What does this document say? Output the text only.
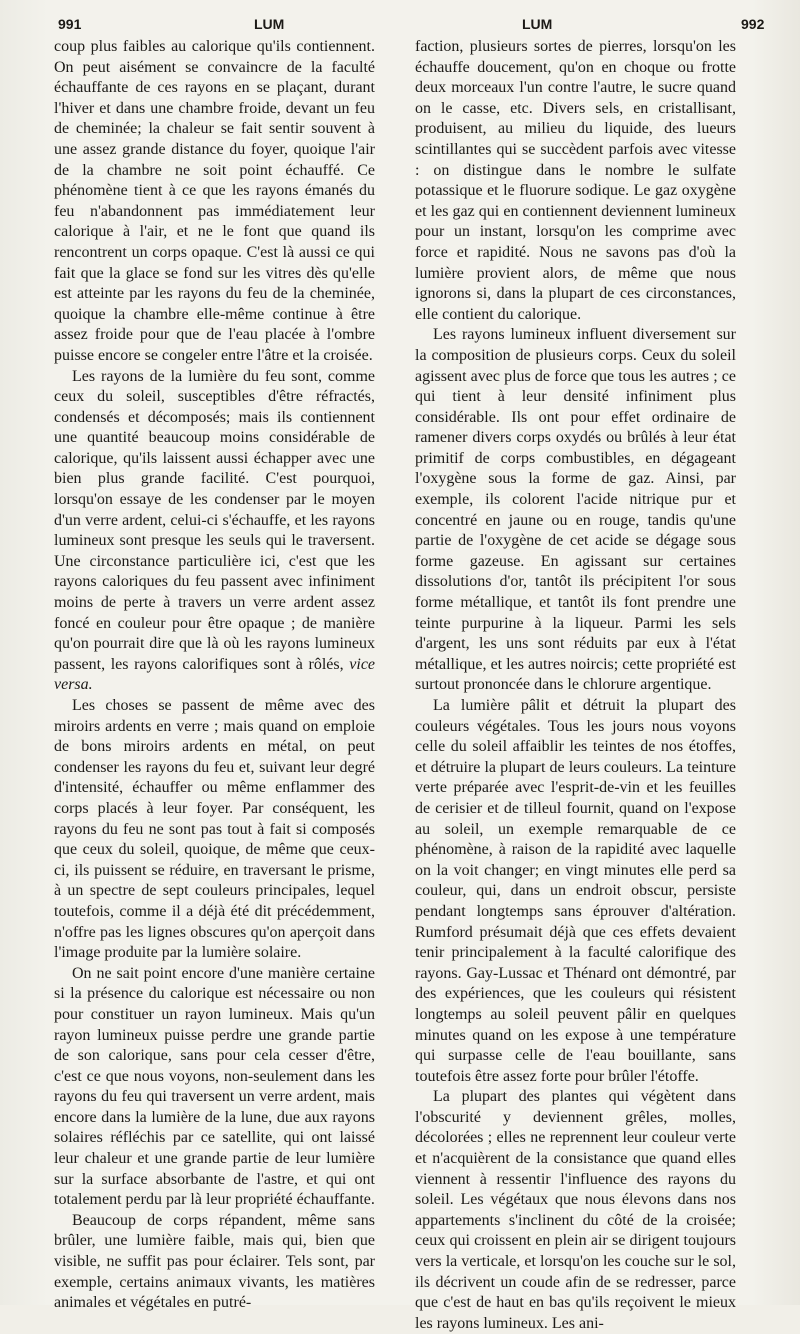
991	LUM	LUM	992

coup plus faibles au calorique qu'ils contiennent. On peut aisément se convaincre de la faculté échauffante de ces rayons en se plaçant, durant l'hiver et dans une chambre froide, devant un feu de cheminée; la chaleur se fait sentir souvent à une assez grande distance du foyer, quoique l'air de la chambre ne soit point échauffé. Ce phénomène tient à ce que les rayons émanés du feu n'abandonnent pas immédiatement leur calorique à l'air, et ne le font que quand ils rencontrent un corps opaque. C'est là aussi ce qui fait que la glace se fond sur les vitres dès qu'elle est atteinte par les rayons du feu de la cheminée, quoique la chambre elle-même continue à être assez froide pour que de l'eau placée à l'ombre puisse encore se congeler entre l'âtre et la croisée.

Les rayons de la lumière du feu sont, comme ceux du soleil, susceptibles d'être réfractés, condensés et décomposés; mais ils contiennent une quantité beaucoup moins considérable de calorique, qu'ils laissent aussi échapper avec une bien plus grande facilité. C'est pourquoi, lorsqu'on essaye de les condenser par le moyen d'un verre ardent, celui-ci s'échauffe, et les rayons lumineux sont presque les seuls qui le traversent. Une circonstance particulière ici, c'est que les rayons caloriques du feu passent avec infiniment moins de perte à travers un verre ardent assez foncé en couleur pour être opaque ; de manière qu'on pourrait dire que là où les rayons lumineux passent, les rayons calorifiques sont à rôlés, vice versa.

Les choses se passent de même avec des miroirs ardents en verre ; mais quand on emploie de bons miroirs ardents en métal, on peut condenser les rayons du feu et, suivant leur degré d'intensité, échauffer ou même enflammer des corps placés à leur foyer. Par conséquent, les rayons du feu ne sont pas tout à fait si composés que ceux du soleil, quoique, de même que ceux-ci, ils puissent se réduire, en traversant le prisme, à un spectre de sept couleurs principales, lequel toutefois, comme il a déjà été dit précédemment, n'offre pas les lignes obscures qu'on aperçoit dans l'image produite par la lumière solaire.

On ne sait point encore d'une manière certaine si la présence du calorique est nécessaire ou non pour constituer un rayon lumineux. Mais qu'un rayon lumineux puisse perdre une grande partie de son calorique, sans pour cela cesser d'être, c'est ce que nous voyons, non-seulement dans les rayons du feu qui traversent un verre ardent, mais encore dans la lumière de la lune, due aux rayons solaires réfléchis par ce satellite, qui ont laissé leur chaleur et une grande partie de leur lumière sur la surface absorbante de l'astre, et qui ont totalement perdu par là leur propriété échauffante.

Beaucoup de corps répandent, même sans brûler, une lumière faible, mais qui, bien que visible, ne suffit pas pour éclairer. Tels sont, par exemple, certains animaux vivants, les matières animales et végétales en putré-

faction, plusieurs sortes de pierres, lorsqu'on les échauffe doucement, qu'on en choque ou frotte deux morceaux l'un contre l'autre, le sucre quand on le casse, etc. Divers sels, en cristallisant, produisent, au milieu du liquide, des lueurs scintillantes qui se succèdent parfois avec vitesse : on distingue dans le nombre le sulfate potassique et le fluorure sodique. Le gaz oxygène et les gaz qui en contiennent deviennent lumineux pour un instant, lorsqu'on les comprime avec force et rapidité. Nous ne savons pas d'où la lumière provient alors, de même que nous ignorons si, dans la plupart de ces circonstances, elle contient du calorique.

Les rayons lumineux influent diversement sur la composition de plusieurs corps. Ceux du soleil agissent avec plus de force que tous les autres ; ce qui tient à leur densité infiniment plus considérable. Ils ont pour effet ordinaire de ramener divers corps oxydés ou brûlés à leur état primitif de corps combustibles, en dégageant l'oxygène sous la forme de gaz. Ainsi, par exemple, ils colorent l'acide nitrique pur et concentré en jaune ou en rouge, tandis qu'une partie de l'oxygène de cet acide se dégage sous forme gazeuse. En agissant sur certaines dissolutions d'or, tantôt ils précipitent l'or sous forme métallique, et tantôt ils font prendre une teinte purpurine à la liqueur. Parmi les sels d'argent, les uns sont réduits par eux à l'état métallique, et les autres noircis; cette propriété est surtout prononcée dans le chlorure argentique.

La lumière pâlit et détruit la plupart des couleurs végétales. Tous les jours nous voyons celle du soleil affaiblir les teintes de nos étoffes, et détruire la plupart de leurs couleurs. La teinture verte préparée avec l'esprit-de-vin et les feuilles de cerisier et de tilleul fournit, quand on l'expose au soleil, un exemple remarquable de ce phénomène, à raison de la rapidité avec laquelle on la voit changer; en vingt minutes elle perd sa couleur, qui, dans un endroit obscur, persiste pendant longtemps sans éprouver d'altération. Rumford présumait déjà que ces effets devaient tenir principalement à la faculté calorifique des rayons. Gay-Lussac et Thénard ont démontré, par des expériences, que les couleurs qui résistent longtemps au soleil peuvent pâlir en quelques minutes quand on les expose à une température qui surpasse celle de l'eau bouillante, sans toutefois être assez forte pour brûler l'étoffe.

La plupart des plantes qui végètent dans l'obscurité y deviennent grêles, molles, décolorées ; elles ne reprennent leur couleur verte et n'acquièrent de la consistance que quand elles viennent à ressentir l'influence des rayons du soleil. Les végétaux que nous élevons dans nos appartements s'inclinent du côté de la croisée; ceux qui croissent en plein air se dirigent toujours vers la verticale, et lorsqu'on les couche sur le sol, ils décrivent un coude afin de se redresser, parce que c'est de haut en bas qu'ils reçoivent le mieux les rayons lumineux. Les ani-
